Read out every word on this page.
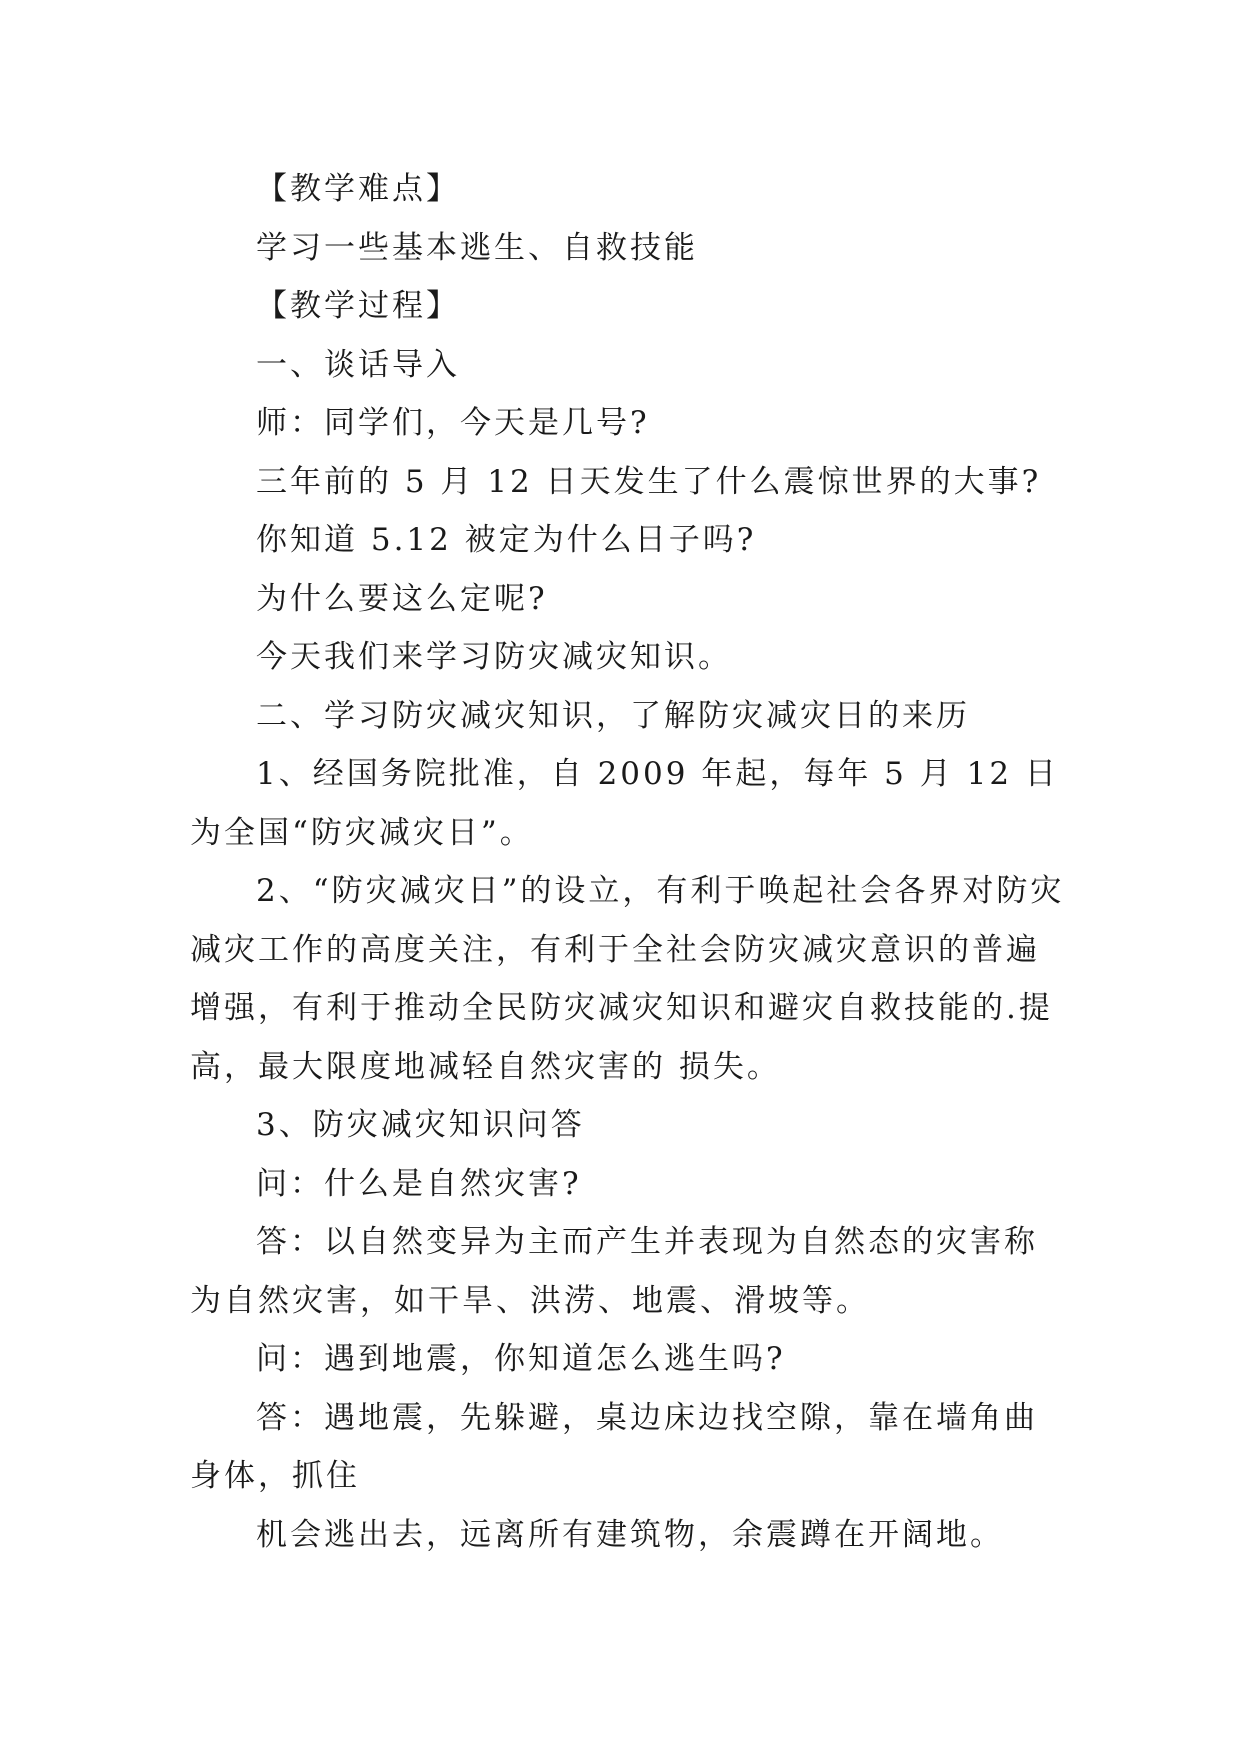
【教学难点】

学习一些基本逃生、自救技能

【教学过程】

一、谈话导入

师：同学们，今天是几号?

三年前的 5 月 12 日天发生了什么震惊世界的大事?

你知道 5.12 被定为什么日子吗?

为什么要这么定呢?

今天我们来学习防灾减灾知识。

二、学习防灾减灾知识，了解防灾减灾日的来历

1、经国务院批准，自 2009 年起，每年 5 月 12 日为全国“防灾减灾日”。

2、“防灾减灾日”的设立，有利于唤起社会各界对防灾减灾工作的高度关注，有利于全社会防灾减灾意识的普遍增强，有利于推动全民防灾减灾知识和避灾自救技能的.提高，最大限度地减轻自然灾害的 损失。

3、防灾减灾知识问答

问：什么是自然灾害?

答：以自然变异为主而产生并表现为自然态的灾害称为自然灾害，如干旱、洪涝、地震、滑坡等。

问：遇到地震，你知道怎么逃生吗?

答：遇地震，先躲避，桌边床边找空隙，靠在墙角曲身体，抓住

机会逃出去，远离所有建筑物，余震蹲在开阔地。
